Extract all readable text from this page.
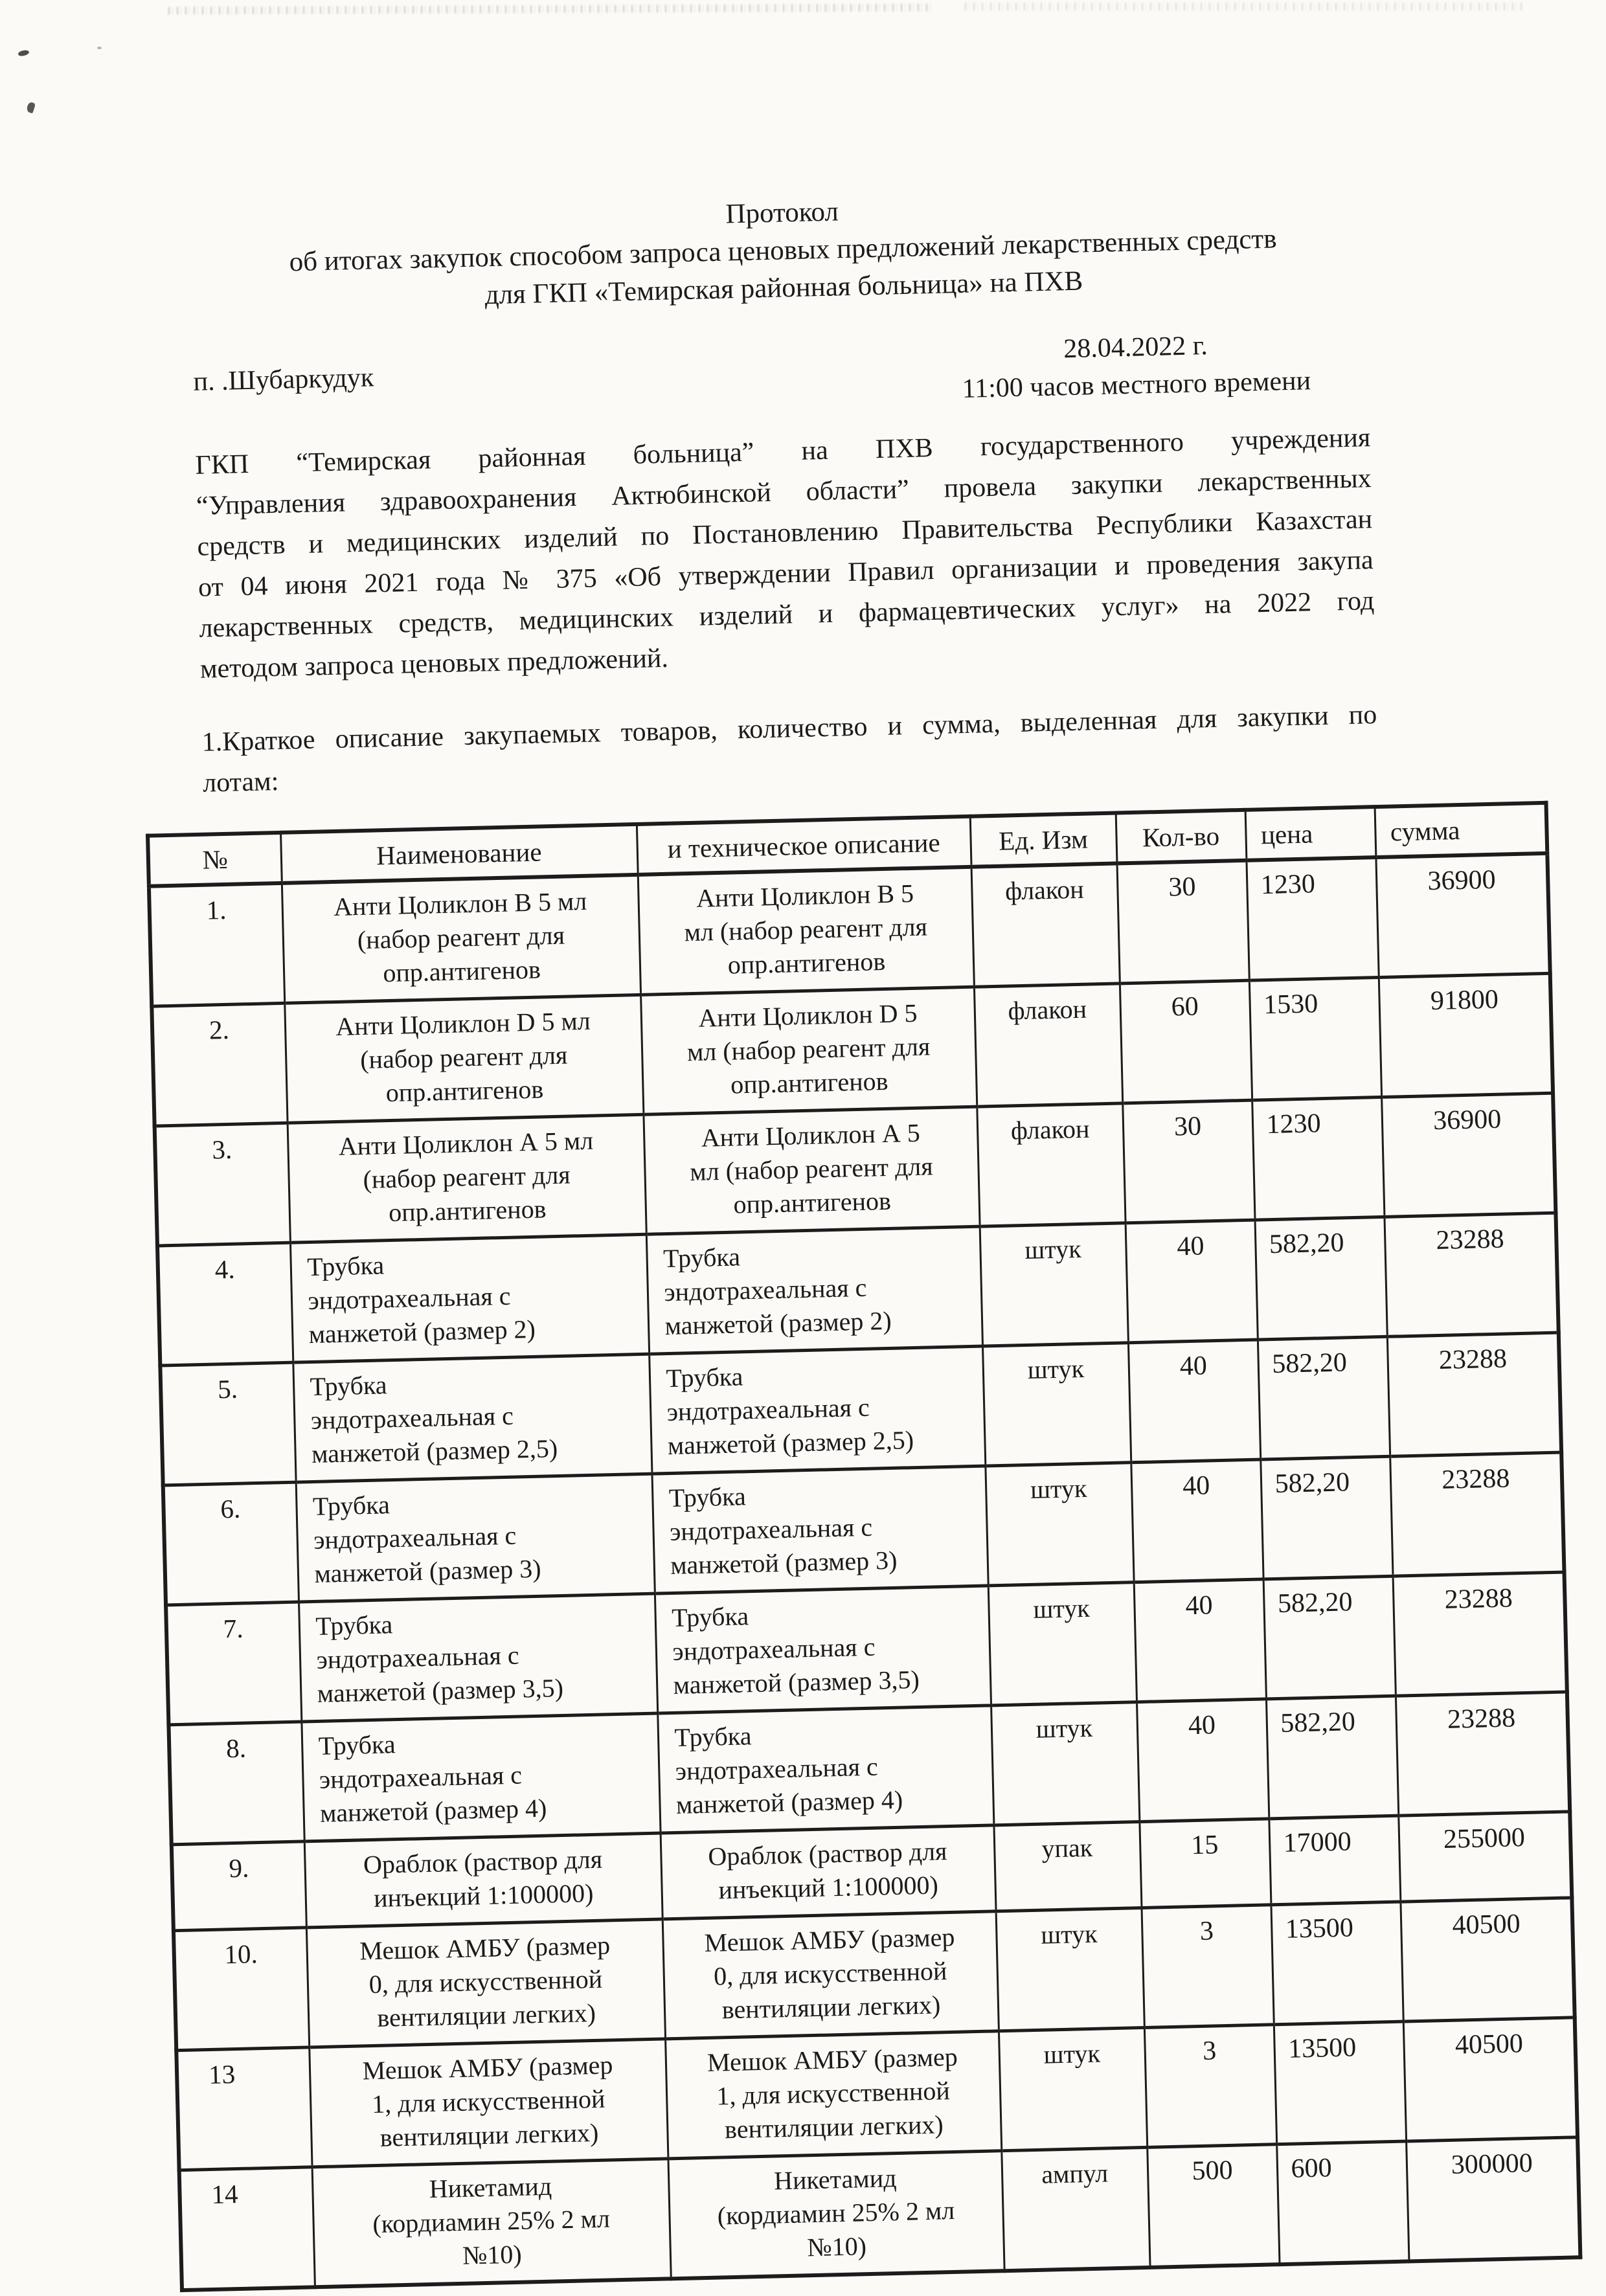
Протокол
об итогах закупок способом запроса ценовых предложений лекарственных средств
для ГКП «Темирская районная больница» на ПХВ
п. .Шубаркудук
28.04.2022 г.
11:00 часов местного времени
ГКП “Темирская районная больница” на ПХВ государственного учреждения
“Управления здравоохранения Актюбинской области” провела закупки лекарственных
средств и медицинских изделий по Постановлению Правительства Республики Казахстан
от 04 июня 2021 года № 375 «Об утверждении Правил организации и проведения закупа
лекарственных средств, медицинских изделий и фармацевтических услуг» на 2022 год
методом запроса ценовых предложений.
1.Краткое описание закупаемых товаров, количество и сумма, выделенная для закупки по
лотам:
№	Наименование	и техническое описание	Ед. Изм	Кол-во	цена	сумма
1.	Анти Цоликлон В 5 мл
(набор реагент для
опр.антигенов	Анти Цоликлон В 5
мл (набор реагент для
опр.антигенов	флакон	30	1230	36900
2.	Анти Цоликлон D 5 мл
(набор реагент для
опр.антигенов	Анти Цоликлон D 5
мл (набор реагент для
опр.антигенов	флакон	60	1530	91800
3.	Анти Цоликлон А 5 мл
(набор реагент для
опр.антигенов	Анти Цоликлон А 5
мл (набор реагент для
опр.антигенов	флакон	30	1230	36900
4.	Трубка
эндотрахеальная с
манжетой (размер 2)	Трубка
эндотрахеальная с
манжетой (размер 2)	штук	40	582,20	23288
5.	Трубка
эндотрахеальная с
манжетой (размер 2,5)	Трубка
эндотрахеальная с
манжетой (размер 2,5)	штук	40	582,20	23288
6.	Трубка
эндотрахеальная с
манжетой (размер 3)	Трубка
эндотрахеальная с
манжетой (размер 3)	штук	40	582,20	23288
7.	Трубка
эндотрахеальная с
манжетой (размер 3,5)	Трубка
эндотрахеальная с
манжетой (размер 3,5)	штук	40	582,20	23288
8.	Трубка
эндотрахеальная с
манжетой (размер 4)	Трубка
эндотрахеальная с
манжетой (размер 4)	штук	40	582,20	23288
9.	Ораблок (раствор для
инъекций 1:100000)	Ораблок (раствор для
инъекций 1:100000)	упак	15	17000	255000
10.	Мешок АМБУ (размер
0, для искусственной
вентиляции легких)	Мешок АМБУ (размер
0, для искусственной
вентиляции легких)	штук	3	13500	40500
13	Мешок АМБУ (размер
1, для искусственной
вентиляции легких)	Мешок АМБУ (размер
1, для искусственной
вентиляции легких)	штук	3	13500	40500
14	Никетамид
(кордиамин 25% 2 мл
№10)	Никетамид
(кордиамин 25% 2 мл
№10)	ампул	500	600	300000
